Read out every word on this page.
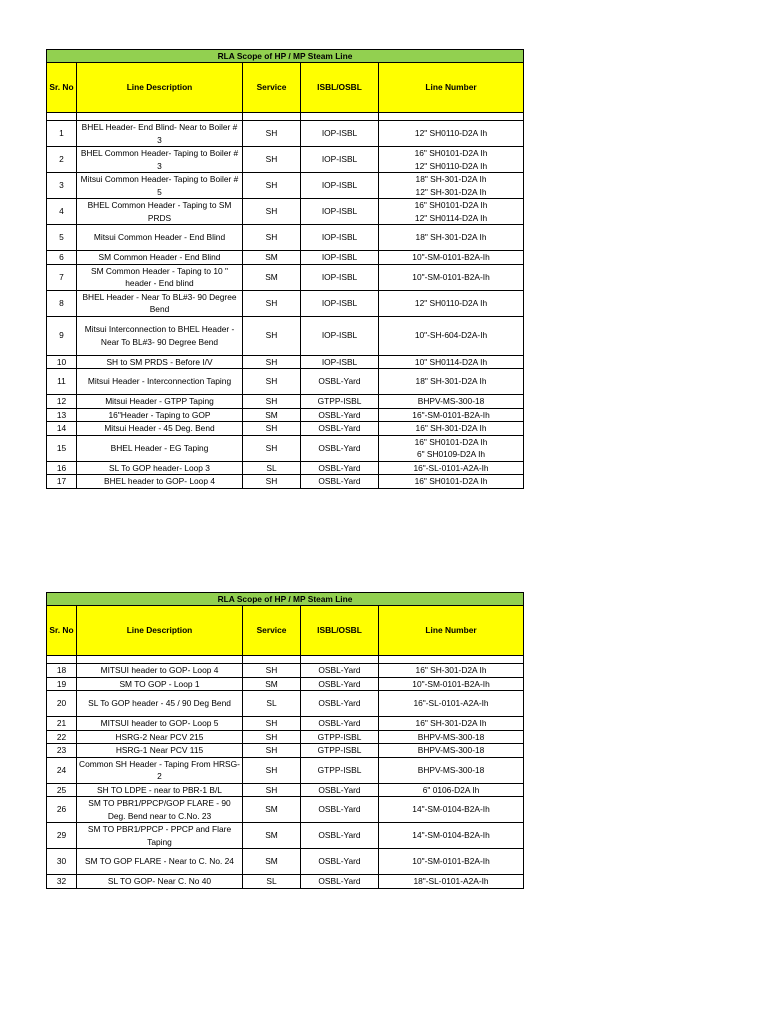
RLA Scope of HP / MP Steam Line				
Sr. No	Line Description	Service	ISBL/OSBL	Line Number

1	BHEL Header- End Blind- Near to Boiler # 3	SH	IOP-ISBL	12" SH0110-D2A Ih
2	BHEL Common Header- Taping to Boiler # 3	SH	IOP-ISBL	16" SH0101-D2A Ih
12" SH0110-D2A Ih
3	Mitsui Common Header- Taping to Boiler # 5	SH	IOP-ISBL	18" SH-301-D2A Ih
12" SH-301-D2A Ih
4	BHEL Common Header - Taping to SM PRDS	SH	IOP-ISBL	16" SH0101-D2A Ih
12" SH0114-D2A Ih
5	Mitsui Common Header - End Blind	SH	IOP-ISBL	18" SH-301-D2A Ih
6	SM Common Header - End Blind	SM	IOP-ISBL	10"-SM-0101-B2A-Ih
7	SM Common Header - Taping to 10 " header - End blind	SM	IOP-ISBL	10"-SM-0101-B2A-Ih
8	BHEL Header - Near To BL#3- 90 Degree Bend	SH	IOP-ISBL	12" SH0110-D2A Ih
9	Mitsui Interconnection to BHEL Header - Near To BL#3- 90 Degree Bend	SH	IOP-ISBL	10"-SH-604-D2A-Ih
10	SH to SM PRDS - Before I/V	SH	IOP-ISBL	10" SH0114-D2A Ih
11	Mitsui Header - Interconnection Taping	SH	OSBL-Yard	18" SH-301-D2A Ih
12	Mitsui Header - GTPP Taping	SH	GTPP-ISBL	BHPV-MS-300-18
13	16"Header - Taping to GOP	SM	OSBL-Yard	16"-SM-0101-B2A-Ih
14	Mitsui Header - 45 Deg. Bend	SH	OSBL-Yard	16" SH-301-D2A Ih
15	BHEL Header - EG Taping	SH	OSBL-Yard	16" SH0101-D2A Ih
6" SH0109-D2A Ih
16	SL To GOP header- Loop 3	SL	OSBL-Yard	16"-SL-0101-A2A-Ih
17	BHEL header to GOP- Loop 4	SH	OSBL-Yard	16" SH0101-D2A Ih
RLA Scope of HP / MP Steam Line				
Sr. No	Line Description	Service	ISBL/OSBL	Line Number

18	MITSUI header to GOP- Loop 4	SH	OSBL-Yard	16" SH-301-D2A Ih
19	SM TO GOP - Loop 1	SM	OSBL-Yard	10"-SM-0101-B2A-Ih
20	SL To GOP header - 45 / 90 Deg Bend	SL	OSBL-Yard	16"-SL-0101-A2A-Ih
21	MITSUI header to GOP- Loop 5	SH	OSBL-Yard	16" SH-301-D2A Ih
22	HSRG-2 Near PCV 215	SH	GTPP-ISBL	BHPV-MS-300-18
23	HSRG-1 Near PCV 115	SH	GTPP-ISBL	BHPV-MS-300-18
24	Common SH Header - Taping From HRSG-2	SH	GTPP-ISBL	BHPV-MS-300-18
25	SH TO LDPE - near to PBR-1 B/L	SH	OSBL-Yard	6" 0106-D2A Ih
26	SM TO PBR1/PPCP/GOP FLARE - 90 Deg. Bend near to C.No. 23	SM	OSBL-Yard	14"-SM-0104-B2A-Ih
29	SM TO PBR1/PPCP - PPCP and Flare Taping	SM	OSBL-Yard	14"-SM-0104-B2A-Ih
30	SM TO GOP FLARE - Near to C. No. 24	SM	OSBL-Yard	10"-SM-0101-B2A-Ih
32	SL TO GOP- Near C. No 40	SL	OSBL-Yard	18"-SL-0101-A2A-Ih
